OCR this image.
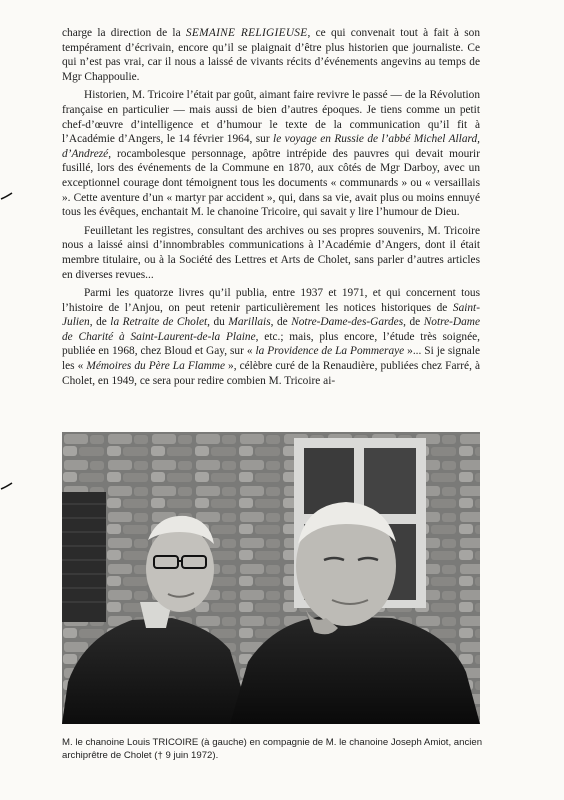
charge la direction de la SEMAINE RELIGIEUSE, ce qui convenait tout à fait à son tempérament d’écrivain, encore qu’il se plaignait d’être plus historien que journaliste. Ce qui n’est pas vrai, car il nous a laissé de vivants récits d’événements angevins au temps de Mgr Chappoulie.

Historien, M. Tricoire l’était par goût, aimant faire revivre le passé — de la Révolution française en particulier — mais aussi de bien d’autres époques. Je tiens comme un petit chef-d’œuvre d’intelligence et d’humour le texte de la communication qu’il fit à l’Académie d’Angers, le 14 février 1964, sur le voyage en Russie de l’abbé Michel Allard, d’Andrezé, rocambolesque personnage, apôtre intrépide des pauvres qui devait mourir fusillé, lors des événements de la Commune en 1870, aux côtés de Mgr Darboy, avec un exceptionnel courage dont témoignent tous les documents « communards » ou « versaillais ». Cette aventure d’un « martyr par accident », qui, dans sa vie, avait plus ou moins ennuyé tous les évêques, enchantait M. le chanoine Tricoire, qui savait y lire l’humour de Dieu.

Feuilletant les registres, consultant des archives ou ses propres souvenirs, M. Tricoire nous a laissé ainsi d’innombrables communications à l’Académie d’Angers, dont il était membre titulaire, ou à la Société des Lettres et Arts de Cholet, sans parler d’autres articles en diverses revues...

Parmi les quatorze livres qu’il publia, entre 1937 et 1971, et qui concernent tous l’histoire de l’Anjou, on peut retenir particulièrement les notices historiques de Saint-Julien, de la Retraite de Cholet, du Marillais, de Notre-Dame-des-Gardes, de Notre-Dame de Charité à Saint-Laurent-de-la Plaine, etc.; mais, plus encore, l’étude très soignée, publiée en 1968, chez Bloud et Gay, sur « la Providence de La Pommeraye »... Si je signale les « Mémoires du Père La Flamme », célèbre curé de la Renaudière, publiées chez Farré, à Cholet, en 1949, ce sera pour redire combien M. Tricoire ai-

M. le chanoine Louis TRICOIRE (à gauche) en compagnie de M. le chanoine Joseph Amiot, ancien archiprêtre de Cholet († 9 juin 1972).
